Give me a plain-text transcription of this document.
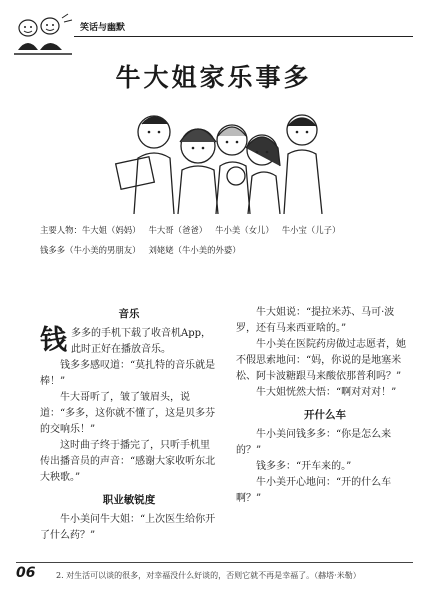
笑话与幽默
牛大姐家乐事多
主要人物：牛大姐（妈妈） 牛大哥（爸爸） 牛小美（女儿） 牛小宝（儿子）
钱多多（牛小美的男朋友） 刘姥姥（牛小美的外婆）
音乐

钱多多的手机下载了收音机App，此时正好在播放音乐。

钱多多感叹道：“莫扎特的音乐就是棒！”

牛大哥听了，皱了皱眉头，说道：“多多，这你就不懂了，这是贝多芬的交响乐！”

这时曲子终于播完了，只听手机里传出播音员的声音：“感谢大家收听东北大秧歌。”

职业敏锐度

牛小美问牛大姐：“上次医生给你开了什么药？”

牛大姐说：“提拉米苏、马可·波罗，还有马来西亚啥的。”

牛小美在医院药房做过志愿者，她不假思索地问：“妈，你说的是地塞米松、阿卡波糖跟马来酸依那普利吗？”

牛大姐恍然大悟：“啊对对对！”

开什么车

牛小美问钱多多：“你是怎么来的？”

钱多多：“开车来的。”

牛小美开心地问：“开的什么车啊？”

06	2. 对生活可以谈的很多，对幸福没什么好谈的，否则它就不再是幸福了。（赫塔·米勒）
